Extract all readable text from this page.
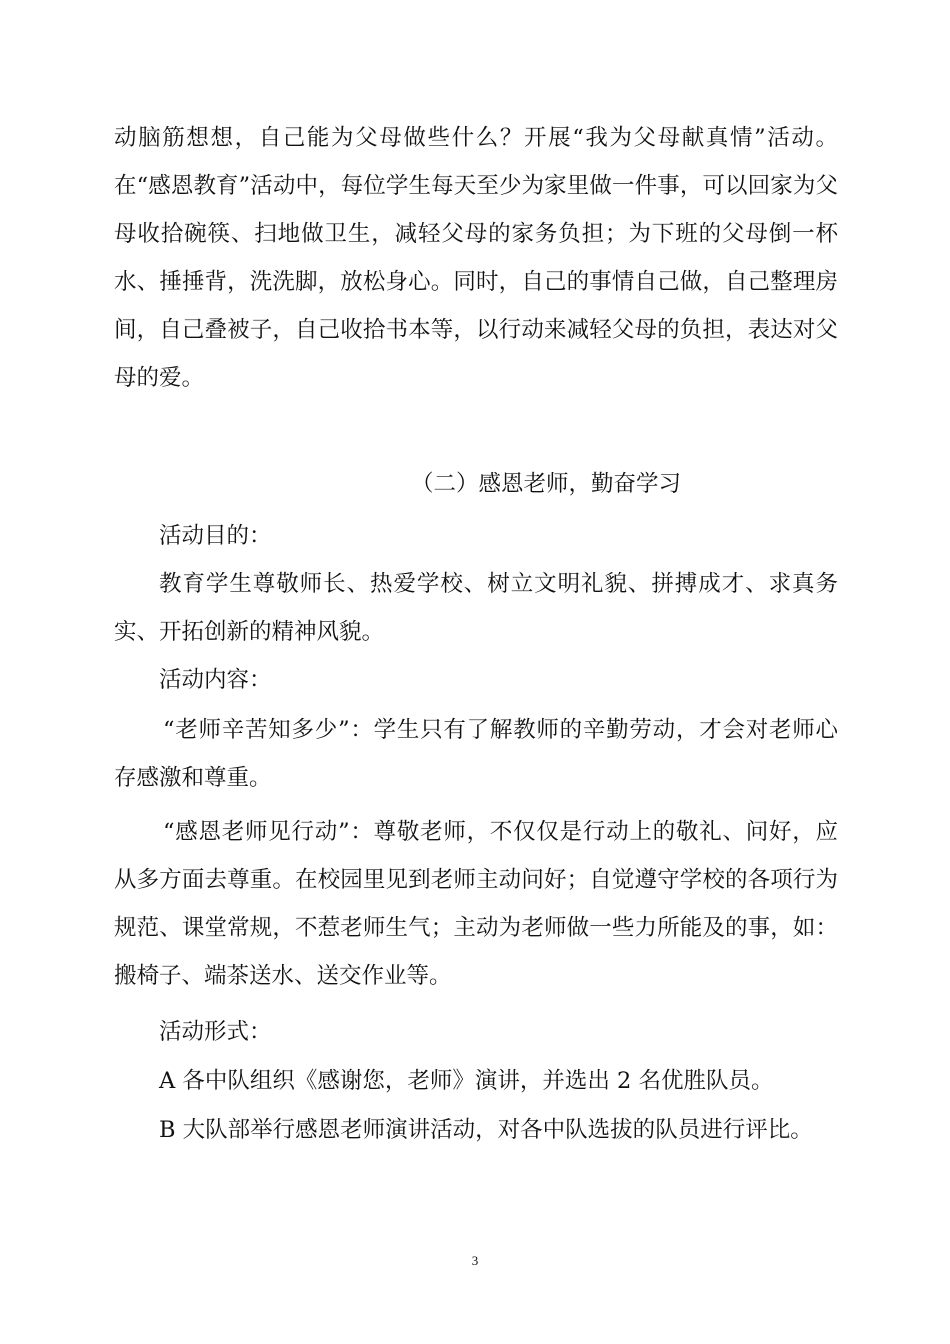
动脑筋想想，自己能为父母做些什么？开展“我为父母献真情”活动。在“感恩教育”活动中，每位学生每天至少为家里做一件事，可以回家为父母收拾碗筷、扫地做卫生，减轻父母的家务负担；为下班的父母倒一杯水、捶捶背，洗洗脚，放松身心。同时，自己的事情自己做，自己整理房间，自己叠被子，自己收拾书本等，以行动来减轻父母的负担，表达对父母的爱。

（二）感恩老师，勤奋学习

活动目的：

教育学生尊敬师长、热爱学校、树立文明礼貌、拼搏成才、求真务实、开拓创新的精神风貌。

活动内容：

“老师辛苦知多少”：学生只有了解教师的辛勤劳动，才会对老师心存感激和尊重。

“感恩老师见行动”：尊敬老师，不仅仅是行动上的敬礼、问好，应从多方面去尊重。在校园里见到老师主动问好；自觉遵守学校的各项行为规范、课堂常规，不惹老师生气；主动为老师做一些力所能及的事，如：搬椅子、端茶送水、送交作业等。

活动形式：

A 各中队组织《感谢您，老师》演讲，并选出 2 名优胜队员。

B 大队部举行感恩老师演讲活动，对各中队选拔的队员进行评比。

3
